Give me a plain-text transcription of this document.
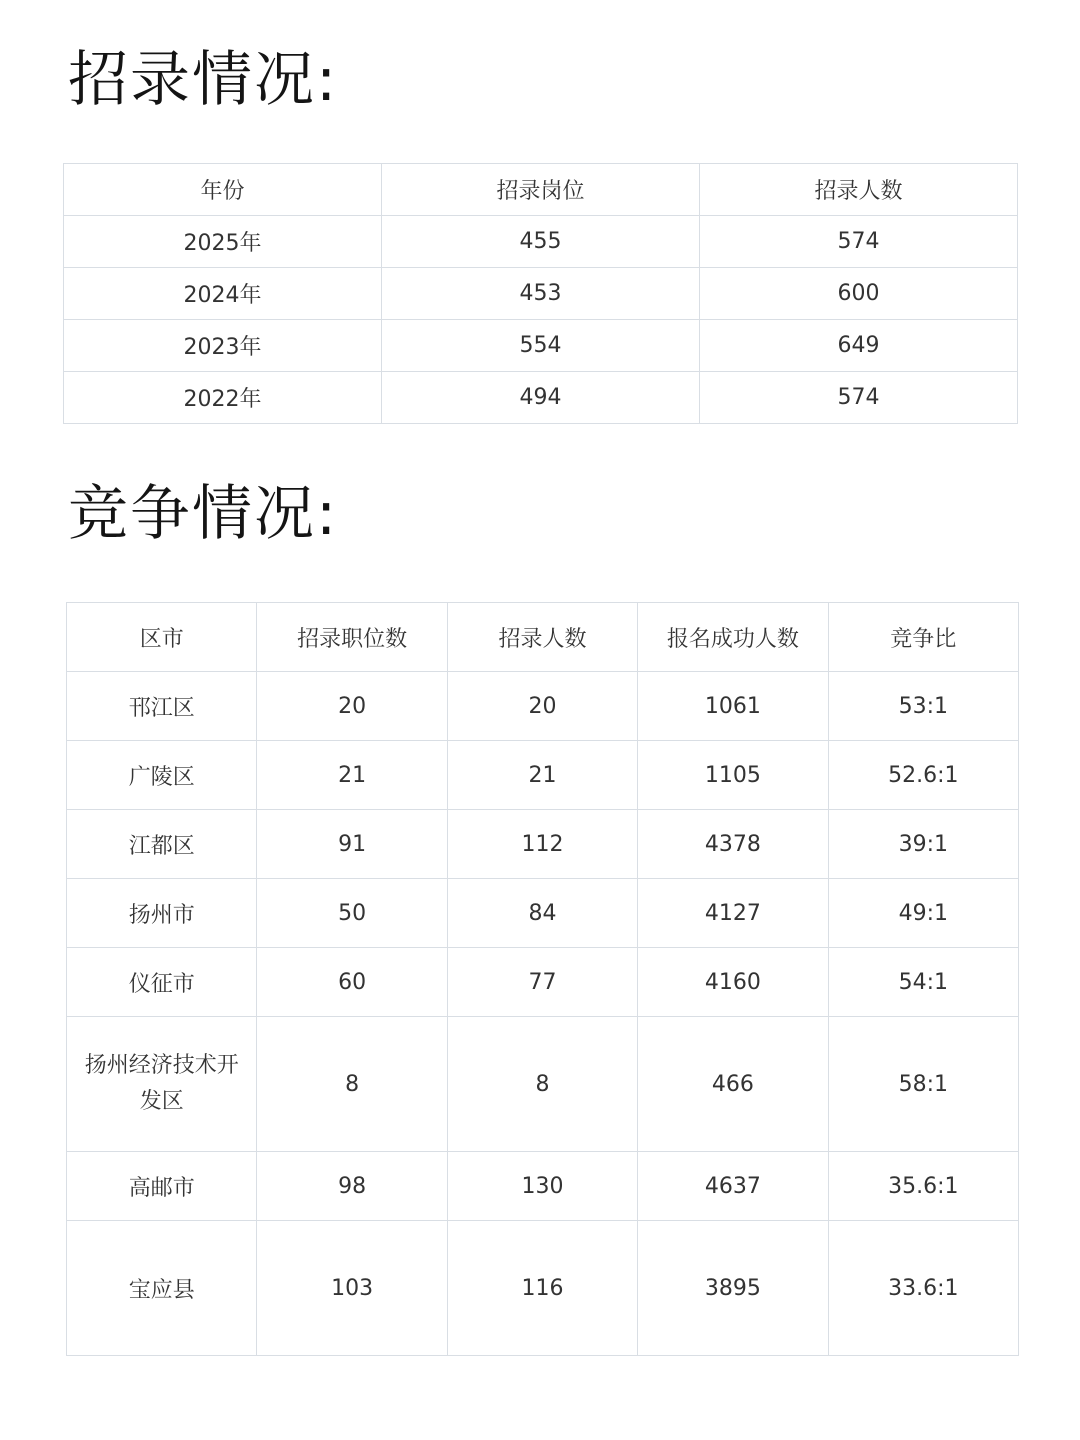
招录情况:
年份	招录岗位	招录人数
2025年	455	574
2024年	453	600
2023年	554	649
2022年	494	574
竞争情况:
区市	招录职位数	招录人数	报名成功人数	竞争比
邗江区	20	20	1061	53:1
广陵区	21	21	1105	52.6:1
江都区	91	112	4378	39:1
扬州市	50	84	4127	49:1
仪征市	60	77	4160	54:1
扬州经济技术开发区	8	8	466	58:1
高邮市	98	130	4637	35.6:1
宝应县	103	116	3895	33.6:1
